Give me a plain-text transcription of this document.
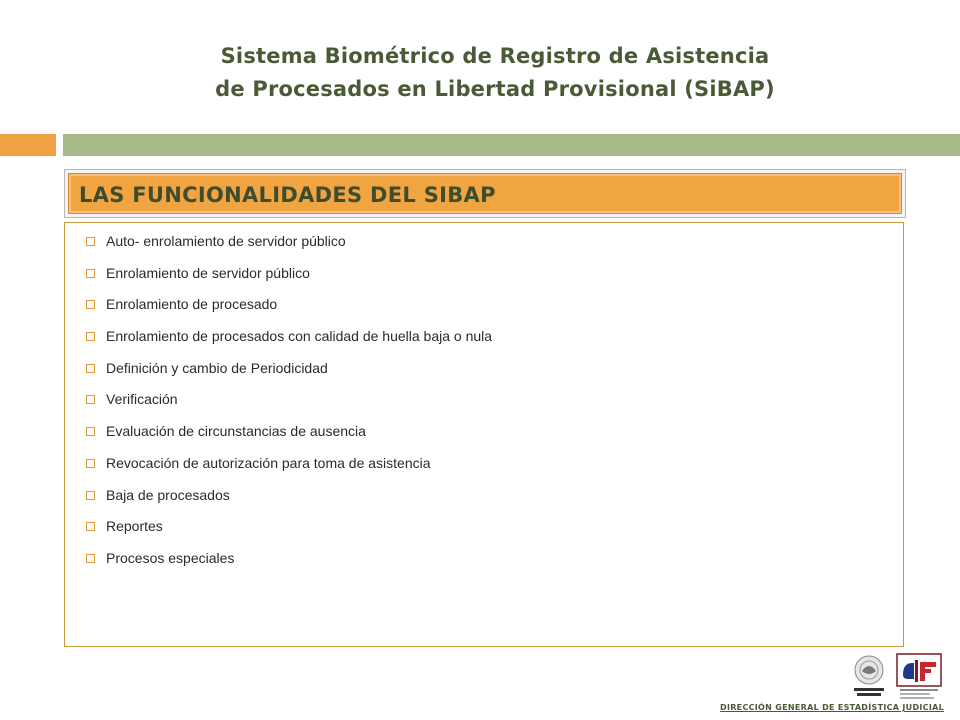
Sistema Biométrico de Registro de Asistencia
de Procesados en Libertad Provisional (SiBAP)
LAS FUNCIONALIDADES DEL SIBAP
Auto- enrolamiento de servidor público
Enrolamiento de servidor público
Enrolamiento de procesado
Enrolamiento de procesados con calidad de huella baja o nula
Definición y cambio de Periodicidad
Verificación
Evaluación de circunstancias de ausencia
Revocación de autorización para toma de asistencia
Baja de procesados
Reportes
Procesos especiales
DIRECCIÓN GENERAL DE ESTADÍSTICA JUDICIAL
